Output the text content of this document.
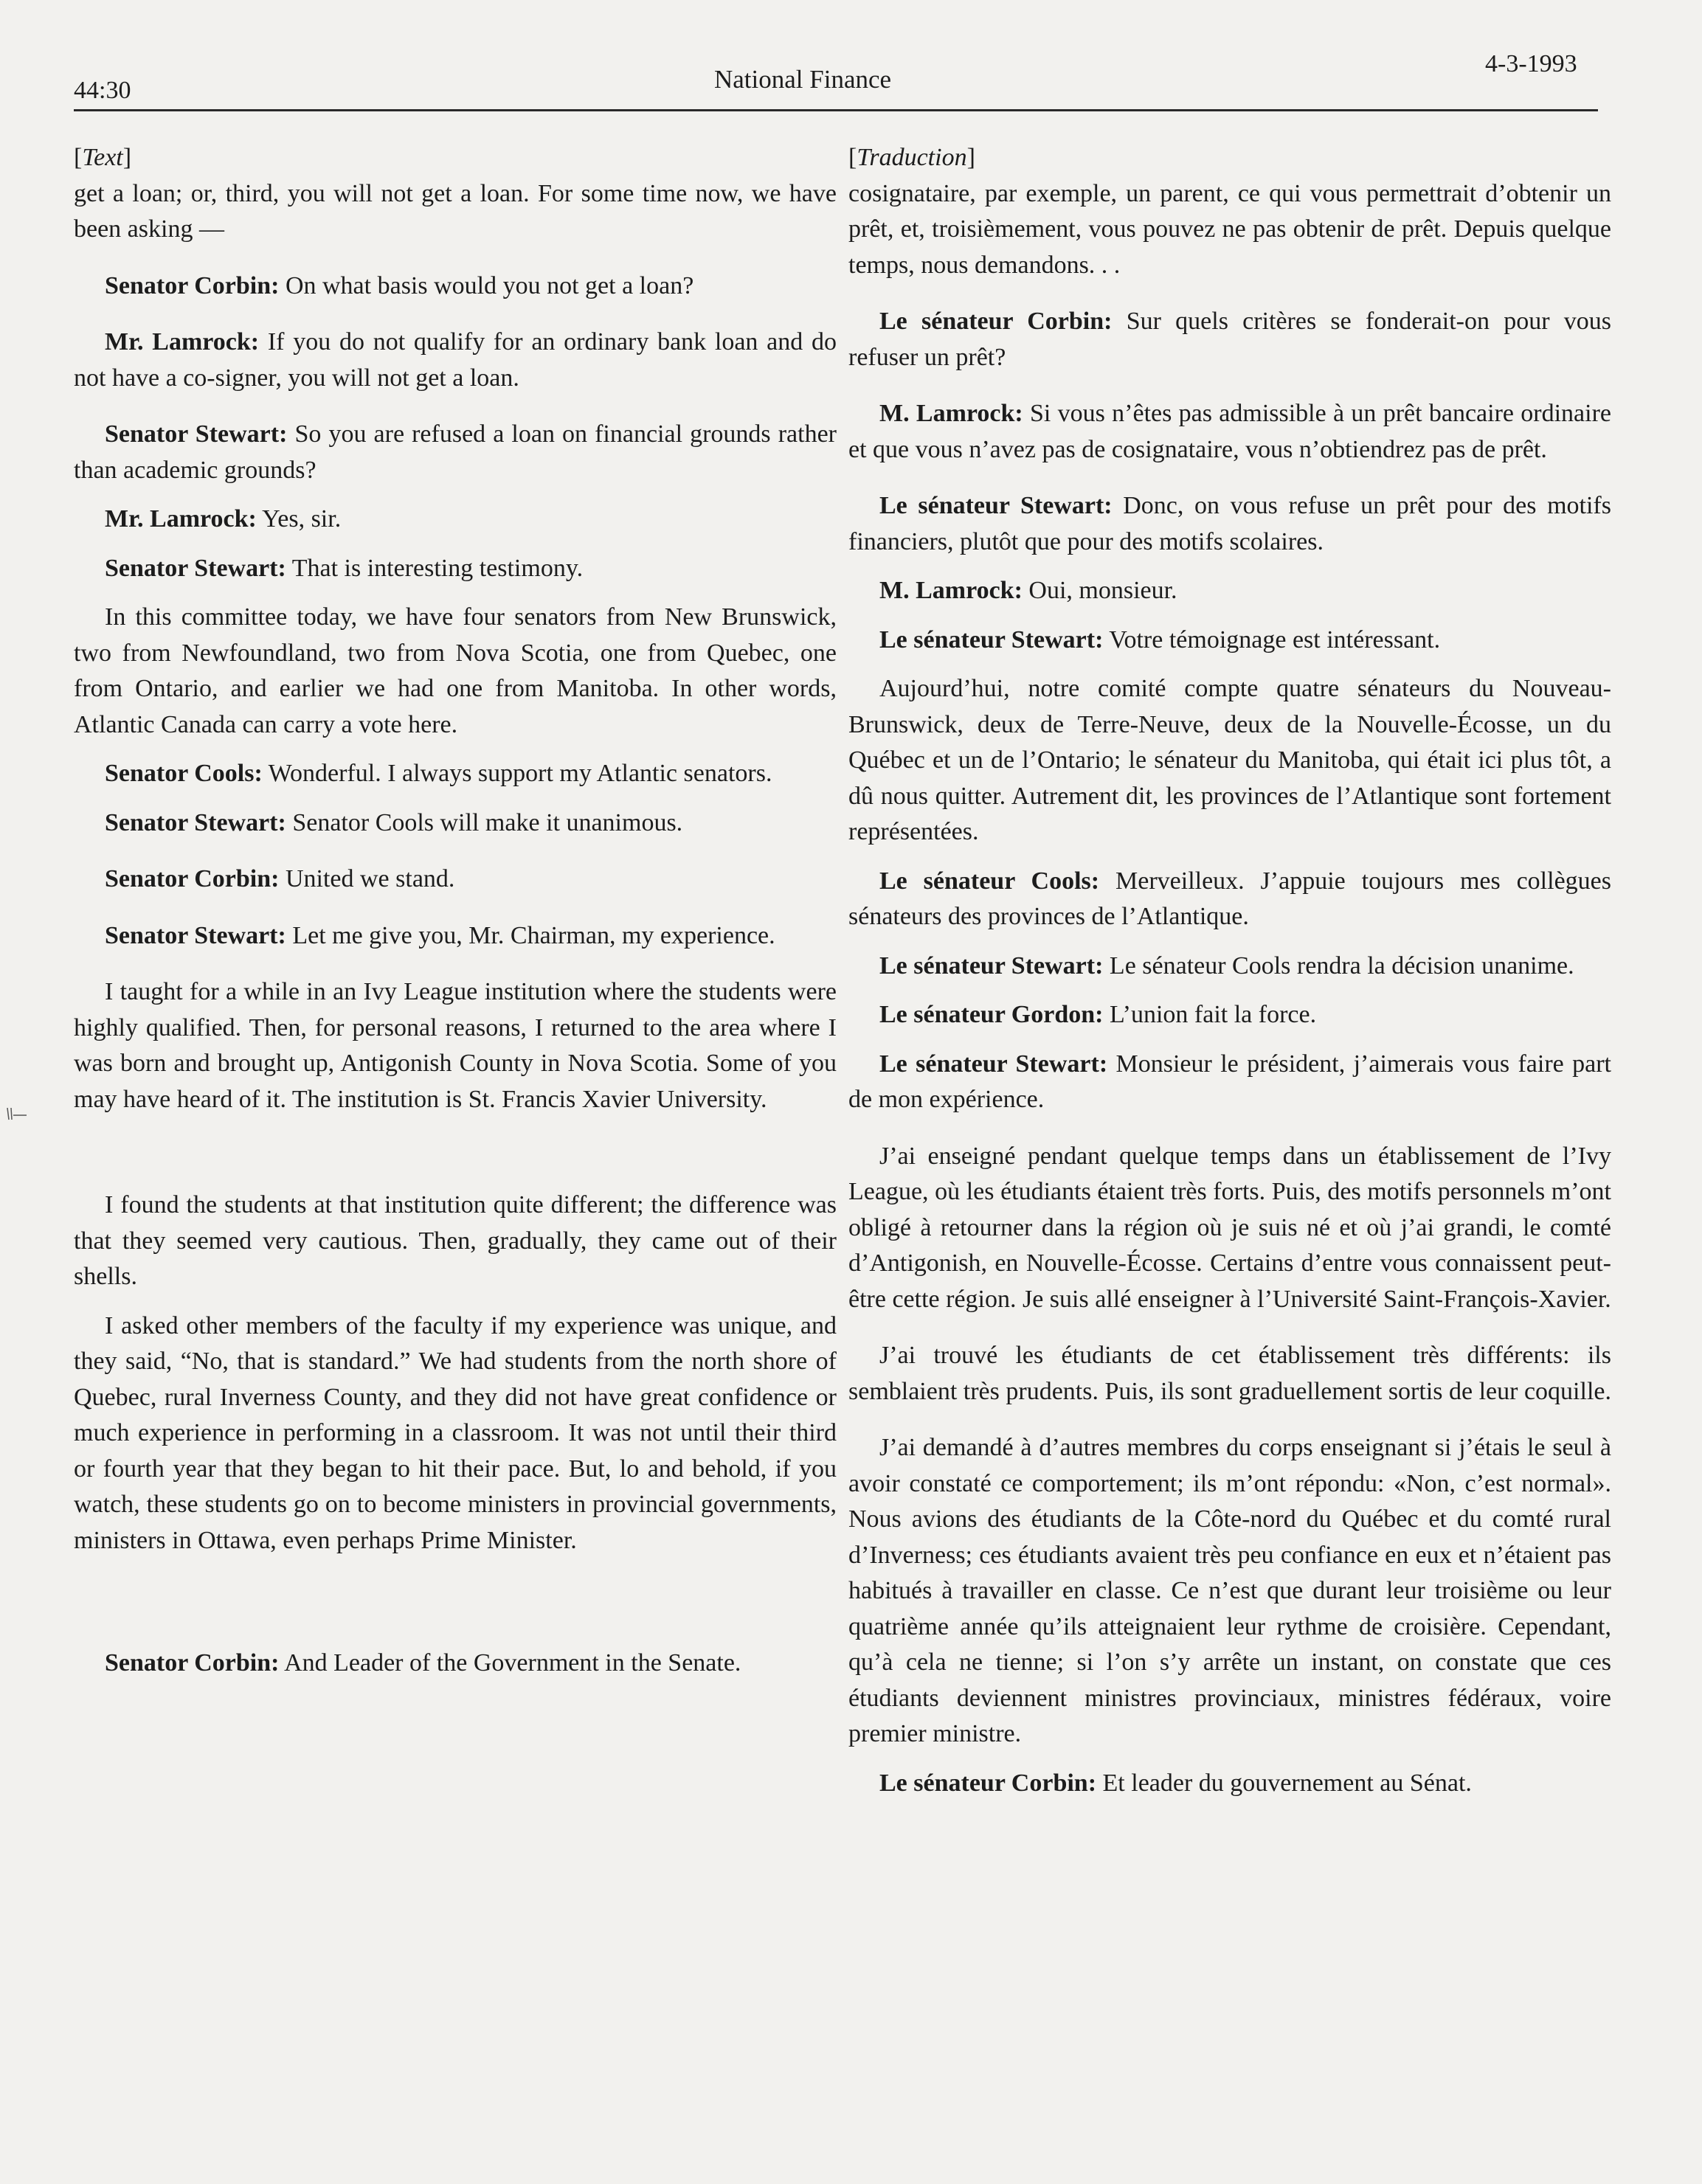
44:30	National Finance
4-3-1993

[Text]

get a loan; or, third, you will not get a loan. For some time now, we have been asking —

Senator Corbin: On what basis would you not get a loan?

Mr. Lamrock: If you do not qualify for an ordinary bank loan and do not have a co-signer, you will not get a loan.

Senator Stewart: So you are refused a loan on financial grounds rather than academic grounds?

Mr. Lamrock: Yes, sir.

Senator Stewart: That is interesting testimony.

In this committee today, we have four senators from New Brunswick, two from Newfoundland, two from Nova Scotia, one from Quebec, one from Ontario, and earlier we had one from Manitoba. In other words, Atlantic Canada can carry a vote here.

Senator Cools: Wonderful. I always support my Atlantic senators.

Senator Stewart: Senator Cools will make it unanimous.

Senator Corbin: United we stand.

Senator Stewart: Let me give you, Mr. Chairman, my experience.

I taught for a while in an Ivy League institution where the students were highly qualified. Then, for personal reasons, I returned to the area where I was born and brought up, Antigonish County in Nova Scotia. Some of you may have heard of it. The institution is St. Francis Xavier University.

I found the students at that institution quite different; the difference was that they seemed very cautious. Then, gradually, they came out of their shells.

I asked other members of the faculty if my experience was unique, and they said, “No, that is standard.” We had students from the north shore of Quebec, rural Inverness County, and they did not have great confidence or much experience in performing in a classroom. It was not until their third or fourth year that they began to hit their pace. But, lo and behold, if you watch, these students go on to become ministers in provincial governments, ministers in Ottawa, even perhaps Prime Minister.

Senator Corbin: And Leader of the Government in the Senate.

[Traduction]

cosignataire, par exemple, un parent, ce qui vous permettrait d’obtenir un prêt, et, troisièmement, vous pouvez ne pas obtenir de prêt. Depuis quelque temps, nous demandons. . .

Le sénateur Corbin: Sur quels critères se fonderait-on pour vous refuser un prêt?

M. Lamrock: Si vous n’êtes pas admissible à un prêt bancaire ordinaire et que vous n’avez pas de cosignataire, vous n’obtiendrez pas de prêt.

Le sénateur Stewart: Donc, on vous refuse un prêt pour des motifs financiers, plutôt que pour des motifs scolaires.

M. Lamrock: Oui, monsieur.

Le sénateur Stewart: Votre témoignage est intéressant.

Aujourd’hui, notre comité compte quatre sénateurs du Nouveau-Brunswick, deux de Terre-Neuve, deux de la Nouvelle-Écosse, un du Québec et un de l’Ontario; le sénateur du Manitoba, qui était ici plus tôt, a dû nous quitter. Autrement dit, les provinces de l’Atlantique sont fortement représentées.

Le sénateur Cools: Merveilleux. J’appuie toujours mes collègues sénateurs des provinces de l’Atlantique.

Le sénateur Stewart: Le sénateur Cools rendra la décision unanime.

Le sénateur Gordon: L’union fait la force.

Le sénateur Stewart: Monsieur le président, j’aimerais vous faire part de mon expérience.

J’ai enseigné pendant quelque temps dans un établissement de l’Ivy League, où les étudiants étaient très forts. Puis, des motifs personnels m’ont obligé à retourner dans la région où je suis né et où j’ai grandi, le comté d’Antigonish, en Nouvelle-Écosse. Certains d’entre vous connaissent peut-être cette région. Je suis allé enseigner à l’Université Saint-François-Xavier.

J’ai trouvé les étudiants de cet établissement très différents: ils semblaient très prudents. Puis, ils sont graduellement sortis de leur coquille.

J’ai demandé à d’autres membres du corps enseignant si j’étais le seul à avoir constaté ce comportement; ils m’ont répondu: «Non, c’est normal». Nous avions des étudiants de la Côte-nord du Québec et du comté rural d’Inverness; ces étudiants avaient très peu confiance en eux et n’étaient pas habitués à travailler en classe. Ce n’est que durant leur troisième ou leur quatrième année qu’ils atteignaient leur rythme de croisière. Cependant, qu’à cela ne tienne; si l’on s’y arrête un instant, on constate que ces étudiants deviennent ministres provinciaux, ministres fédéraux, voire premier ministre.

Le sénateur Corbin: Et leader du gouvernement au Sénat.
